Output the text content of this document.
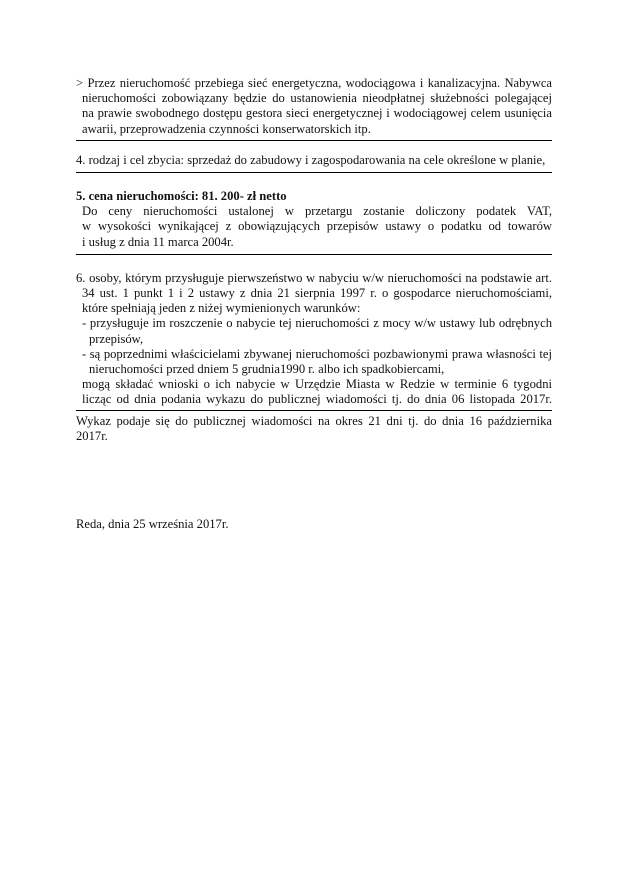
> Przez nieruchomość przebiega sieć energetyczna, wodociągowa i kanalizacyjna. Nabywca

nieruchomości zobowiązany będzie do ustanowienia nieodpłatnej służebności polegającej

na prawie swobodnego dostępu gestora sieci energetycznej i wodociągowej celem usunięcia

awarii, przeprowadzenia czynności konserwatorskich itp.

4. rodzaj i cel zbycia: sprzedaż do zabudowy i zagospodarowania na cele określone w planie,

5. cena nieruchomości: 81. 200- zł netto

Do ceny nieruchomości ustalonej w przetargu zostanie doliczony podatek VAT,

w wysokości wynikającej z obowiązujących przepisów ustawy o podatku od towarów

i usług z dnia 11 marca 2004r.

6. osoby, którym przysługuje pierwszeństwo w nabyciu w/w nieruchomości na podstawie art.

34 ust. 1 punkt 1 i 2 ustawy z dnia 21 sierpnia 1997 r. o gospodarce nieruchomościami,

które spełniają jeden z niżej wymienionych warunków:

- przysługuje im roszczenie o nabycie tej nieruchomości z mocy w/w ustawy lub odrębnych

przepisów,

- są poprzednimi właścicielami zbywanej nieruchomości pozbawionymi prawa własności tej

nieruchomości przed dniem 5 grudnia1990 r. albo ich spadkobiercami,

mogą składać wnioski o ich nabycie w Urzędzie Miasta w Redzie w terminie 6 tygodni

licząc od dnia podania wykazu do publicznej wiadomości tj. do dnia 06 listopada 2017r.

Wykaz podaje się do publicznej wiadomości na okres 21 dni tj. do dnia 16 października

2017r.

Reda, dnia 25 września 2017r.
